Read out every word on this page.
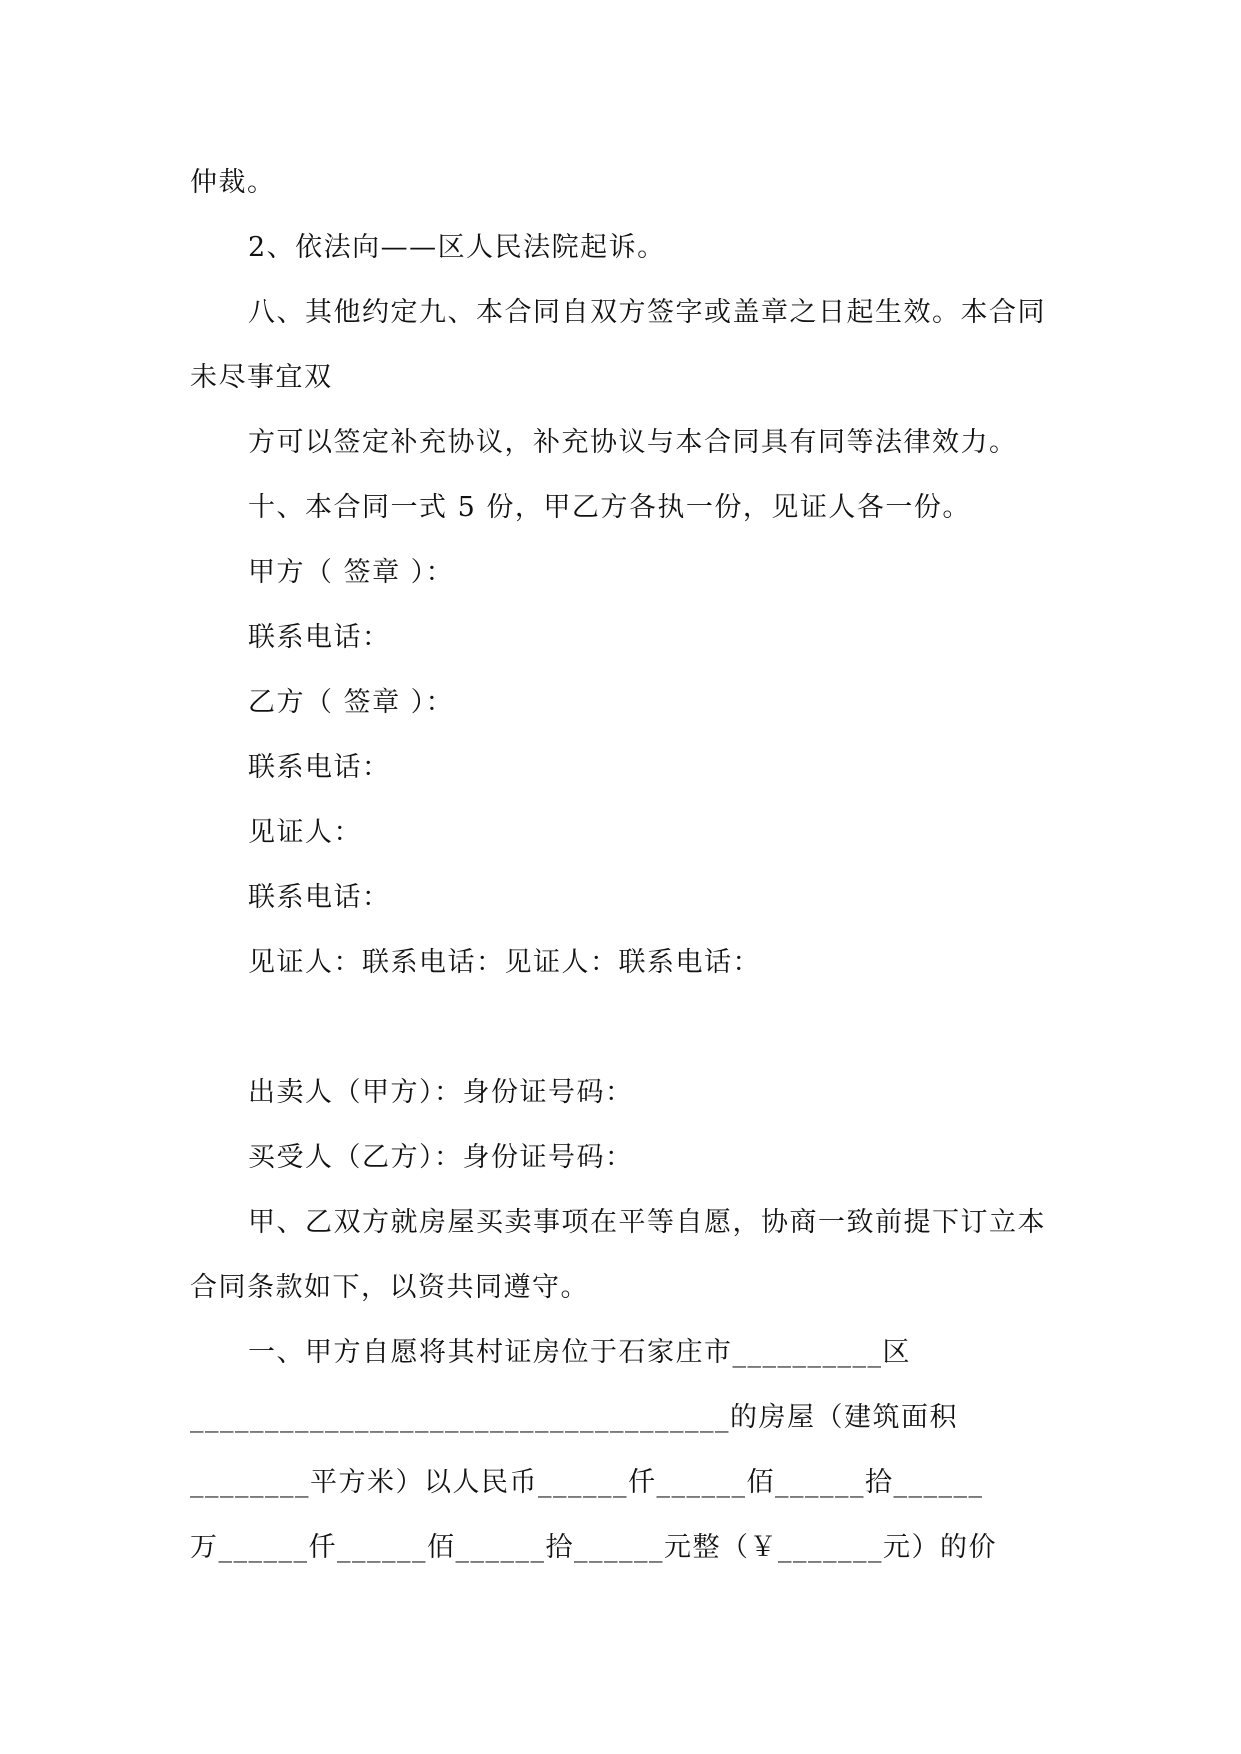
仲裁。
2、依法向——区人民法院起诉。
八、其他约定九、本合同自双方签字或盖章之日起生效。本合同
未尽事宜双
方可以签定补充协议，补充协议与本合同具有同等法律效力。
十、本合同一式 5 份，甲乙方各执一份，见证人各一份。
甲方（ 签章 ）：
联系电话：
乙方（ 签章 ）：
联系电话：
见证人：
联系电话：
见证人：联系电话：见证人：联系电话：
出卖人（甲方）：身份证号码：
买受人（乙方）：身份证号码：
甲、乙双方就房屋买卖事项在平等自愿，协商一致前提下订立本
合同条款如下，以资共同遵守。
一、甲方自愿将其村证房位于石家庄市__________区
____________________________________的房屋（建筑面积
________平方米）以人民币______仟______佰______拾______
万______仟______佰______拾______元整（￥_______元）的价
